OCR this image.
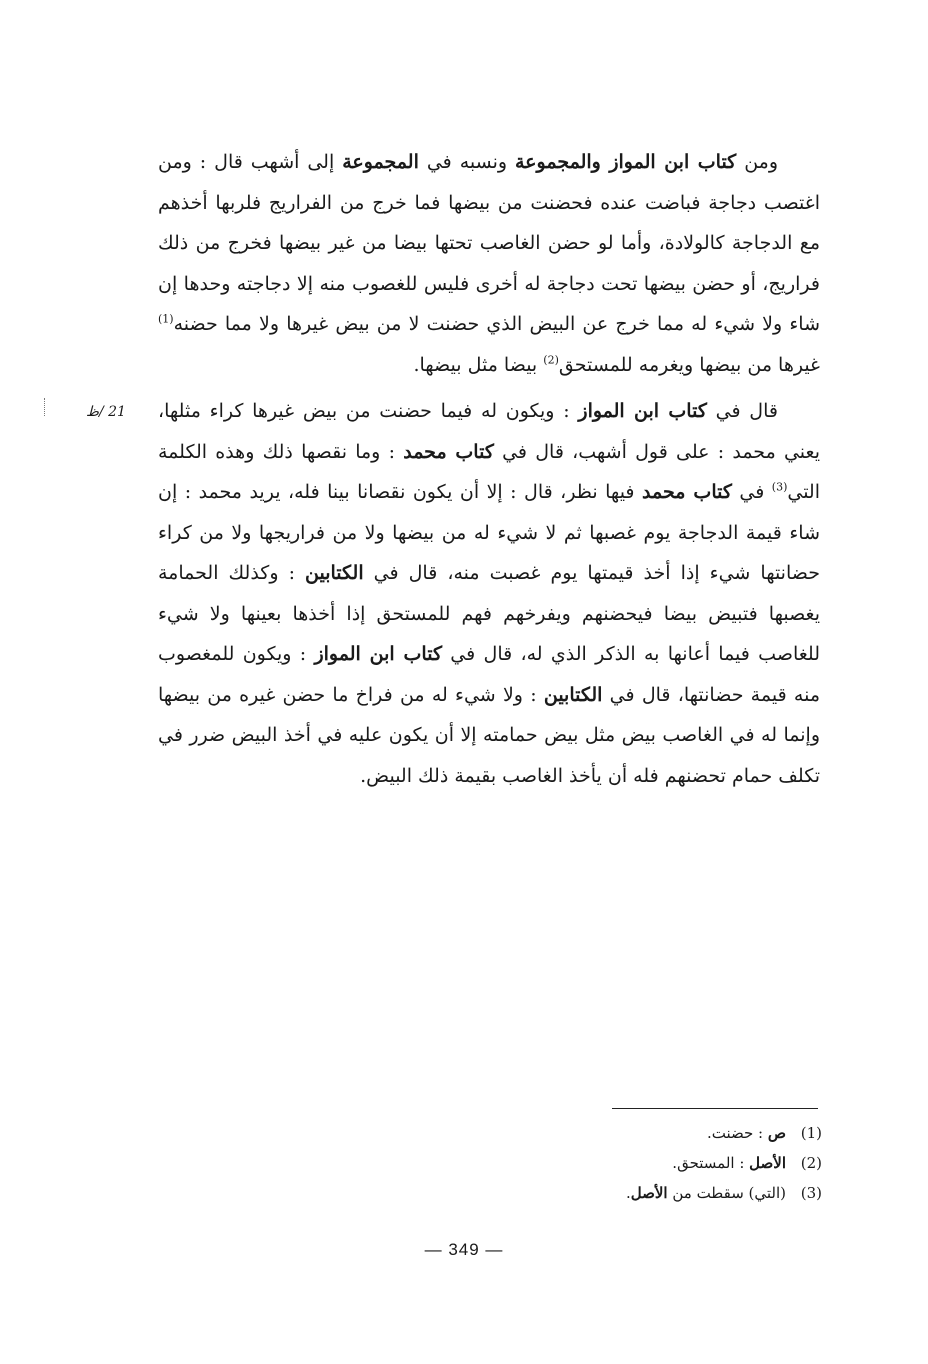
ومن كتاب ابن المواز والمجموعة ونسبه في المجموعة إلى أشهب قال : ومن اغتصب دجاجة فباضت عنده فحضنت من بيضها فما خرج من الفراريج فلربها أخذهم مع الدجاجة كالولادة، وأما لو حضن الغاصب تحتها بيضا من غير بيضها فخرج من ذلك فراريج، أو حضن بيضها تحت دجاجة له أخرى فليس للغصوب منه إلا دجاجته وحدها إن شاء ولا شيء له مما خرج عن البيض الذي حضنت لا من بيض غيرها ولا مما حضنه$^{(1)}$ غيرها من بيضها ويغرمه للمستحق$^{(2)}$ بيضا مثل بيضها.

قال في كتاب ابن المواز : ويكون له فيما حضنت من بيض غيرها كراء مثلها، يعني محمد : على قول أشهب، قال في كتاب محمد : وما نقصها ذلك وهذه الكلمة التي$^{(3)}$ في كتاب محمد فيها نظر، قال : إلا أن يكون نقصانا بينا فله، يريد محمد : إن شاء قيمة الدجاجة يوم غصبها ثم لا شيء له من بيضها ولا من فراريجها ولا من كراء حضانتها شيء إذا أخذ قيمتها يوم غصبت منه، قال في الكتابين : وكذلك الحمامة يغصبها فتبيض بيضا فيحضنهم ويفرخهم فهم للمستحق إذا أخذها بعينها ولا شيء للغاصب فيما أعانها به الذكر الذي له، قال في كتاب ابن المواز : ويكون للمغصوب منه قيمة حضانتها، قال في الكتابين : ولا شيء له من فراخ ما حضن غيره من بيضها وإنما له في الغاصب بيض مثل بيض حمامته إلا أن يكون عليه في أخذ البيض ضرر في تكلف حمام تحضنهم فله أن يأخذ الغاصب بقيمة ذلك البيض.

21 /ظ
(1)
ص : حضنت.
(2)
الأصل : المستحق.
(3)
(التي) سقطت من الأصل.
— 349 —
